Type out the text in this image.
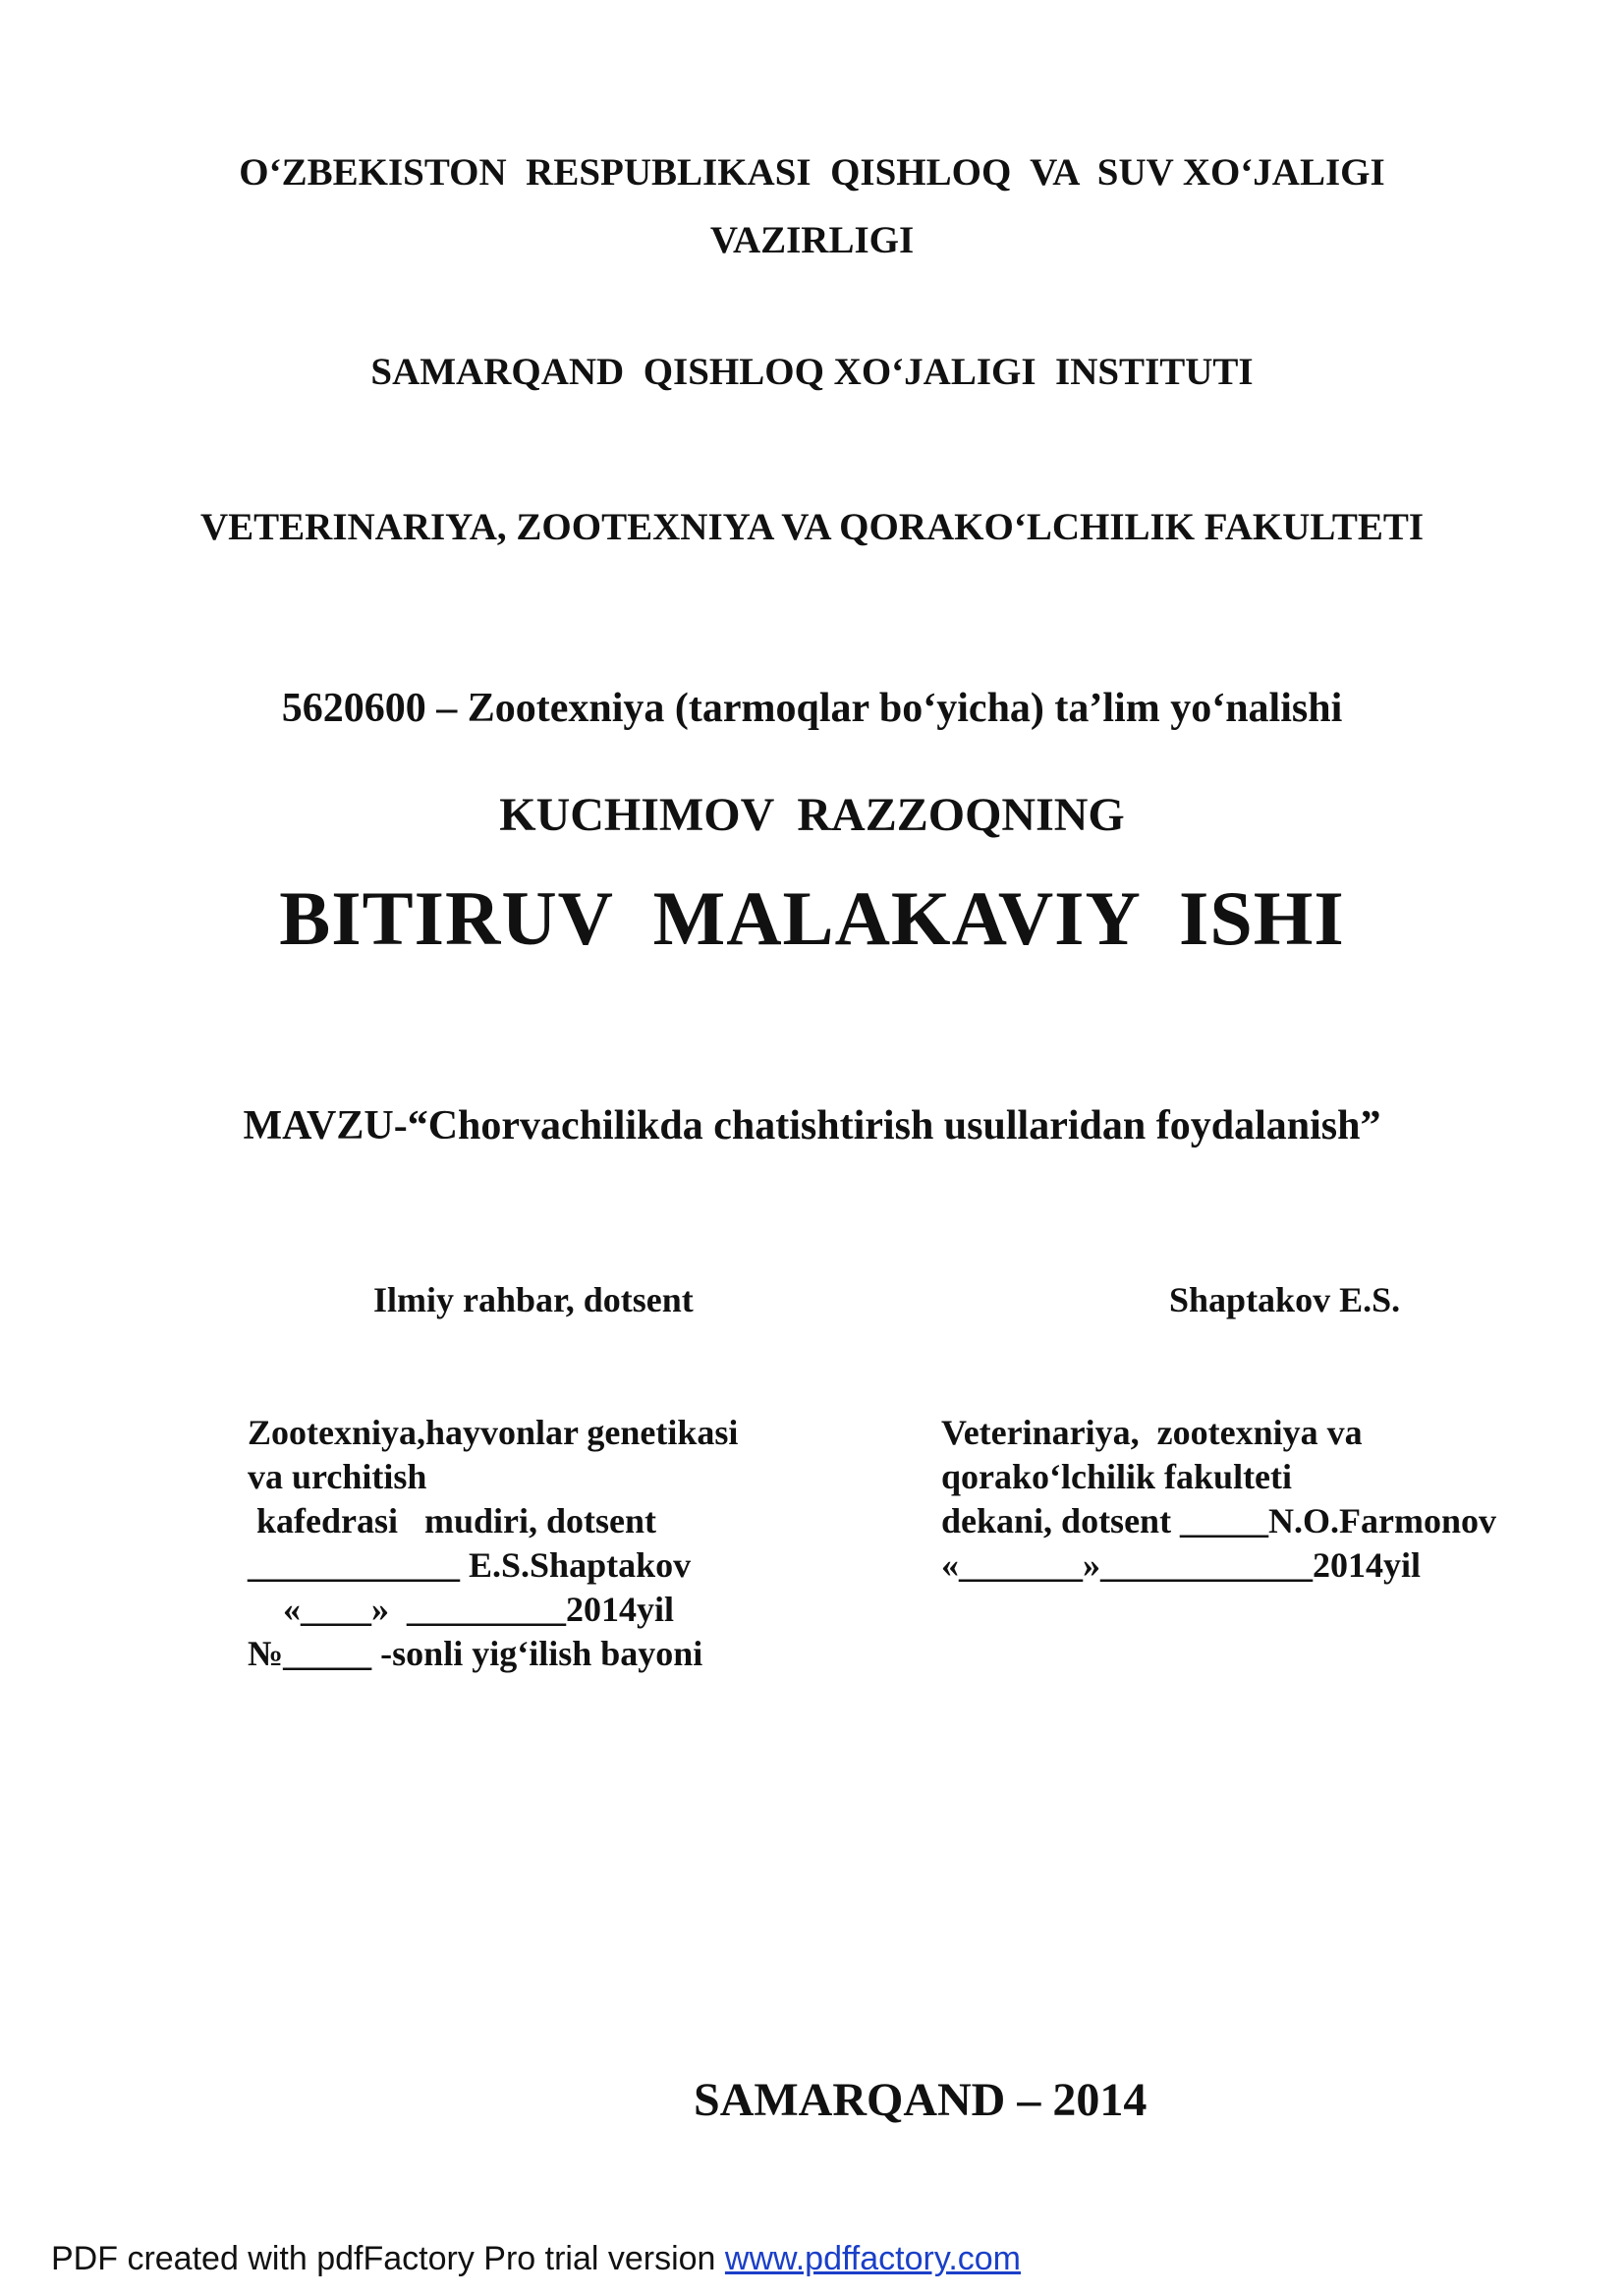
O‘ZBEKISTON  RESPUBLIKASI  QISHLOQ  VA  SUV XO‘JALIGI
VAZIRLIGI
SAMARQAND  QISHLOQ XO‘JALIGI  INSTITUTI
VETERINARIYA, ZOOTEXNIYA VA QORAKO‘LCHILIK FAKULTETI
5620600 – Zootexniya (tarmoqlar bo‘yicha) ta’lim yo‘nalishi
KUCHIMOV  RAZZOQNING
BITIRUV  MALAKAVIY  ISHI
MAVZU-“Chorvachilikda chatishtirish usullaridan foydalanish”
Ilmiy rahbar, dotsent	Shaptakov E.S.
Zootexniya,hayvonlar genetikasi
va urchitish
kafedrasi   mudiri, dotsent
____________ E.S.Shaptakov
«____»  _________2014yil
№_____ -sonli yig‘ilish bayoni
Veterinariya,  zootexniya va
qorako‘lchilik fakulteti
dekani, dotsent _____N.O.Farmonov
«_______»____________2014yil
SAMARQAND – 2014
PDF created with pdfFactory Pro trial version www.pdffactory.com
